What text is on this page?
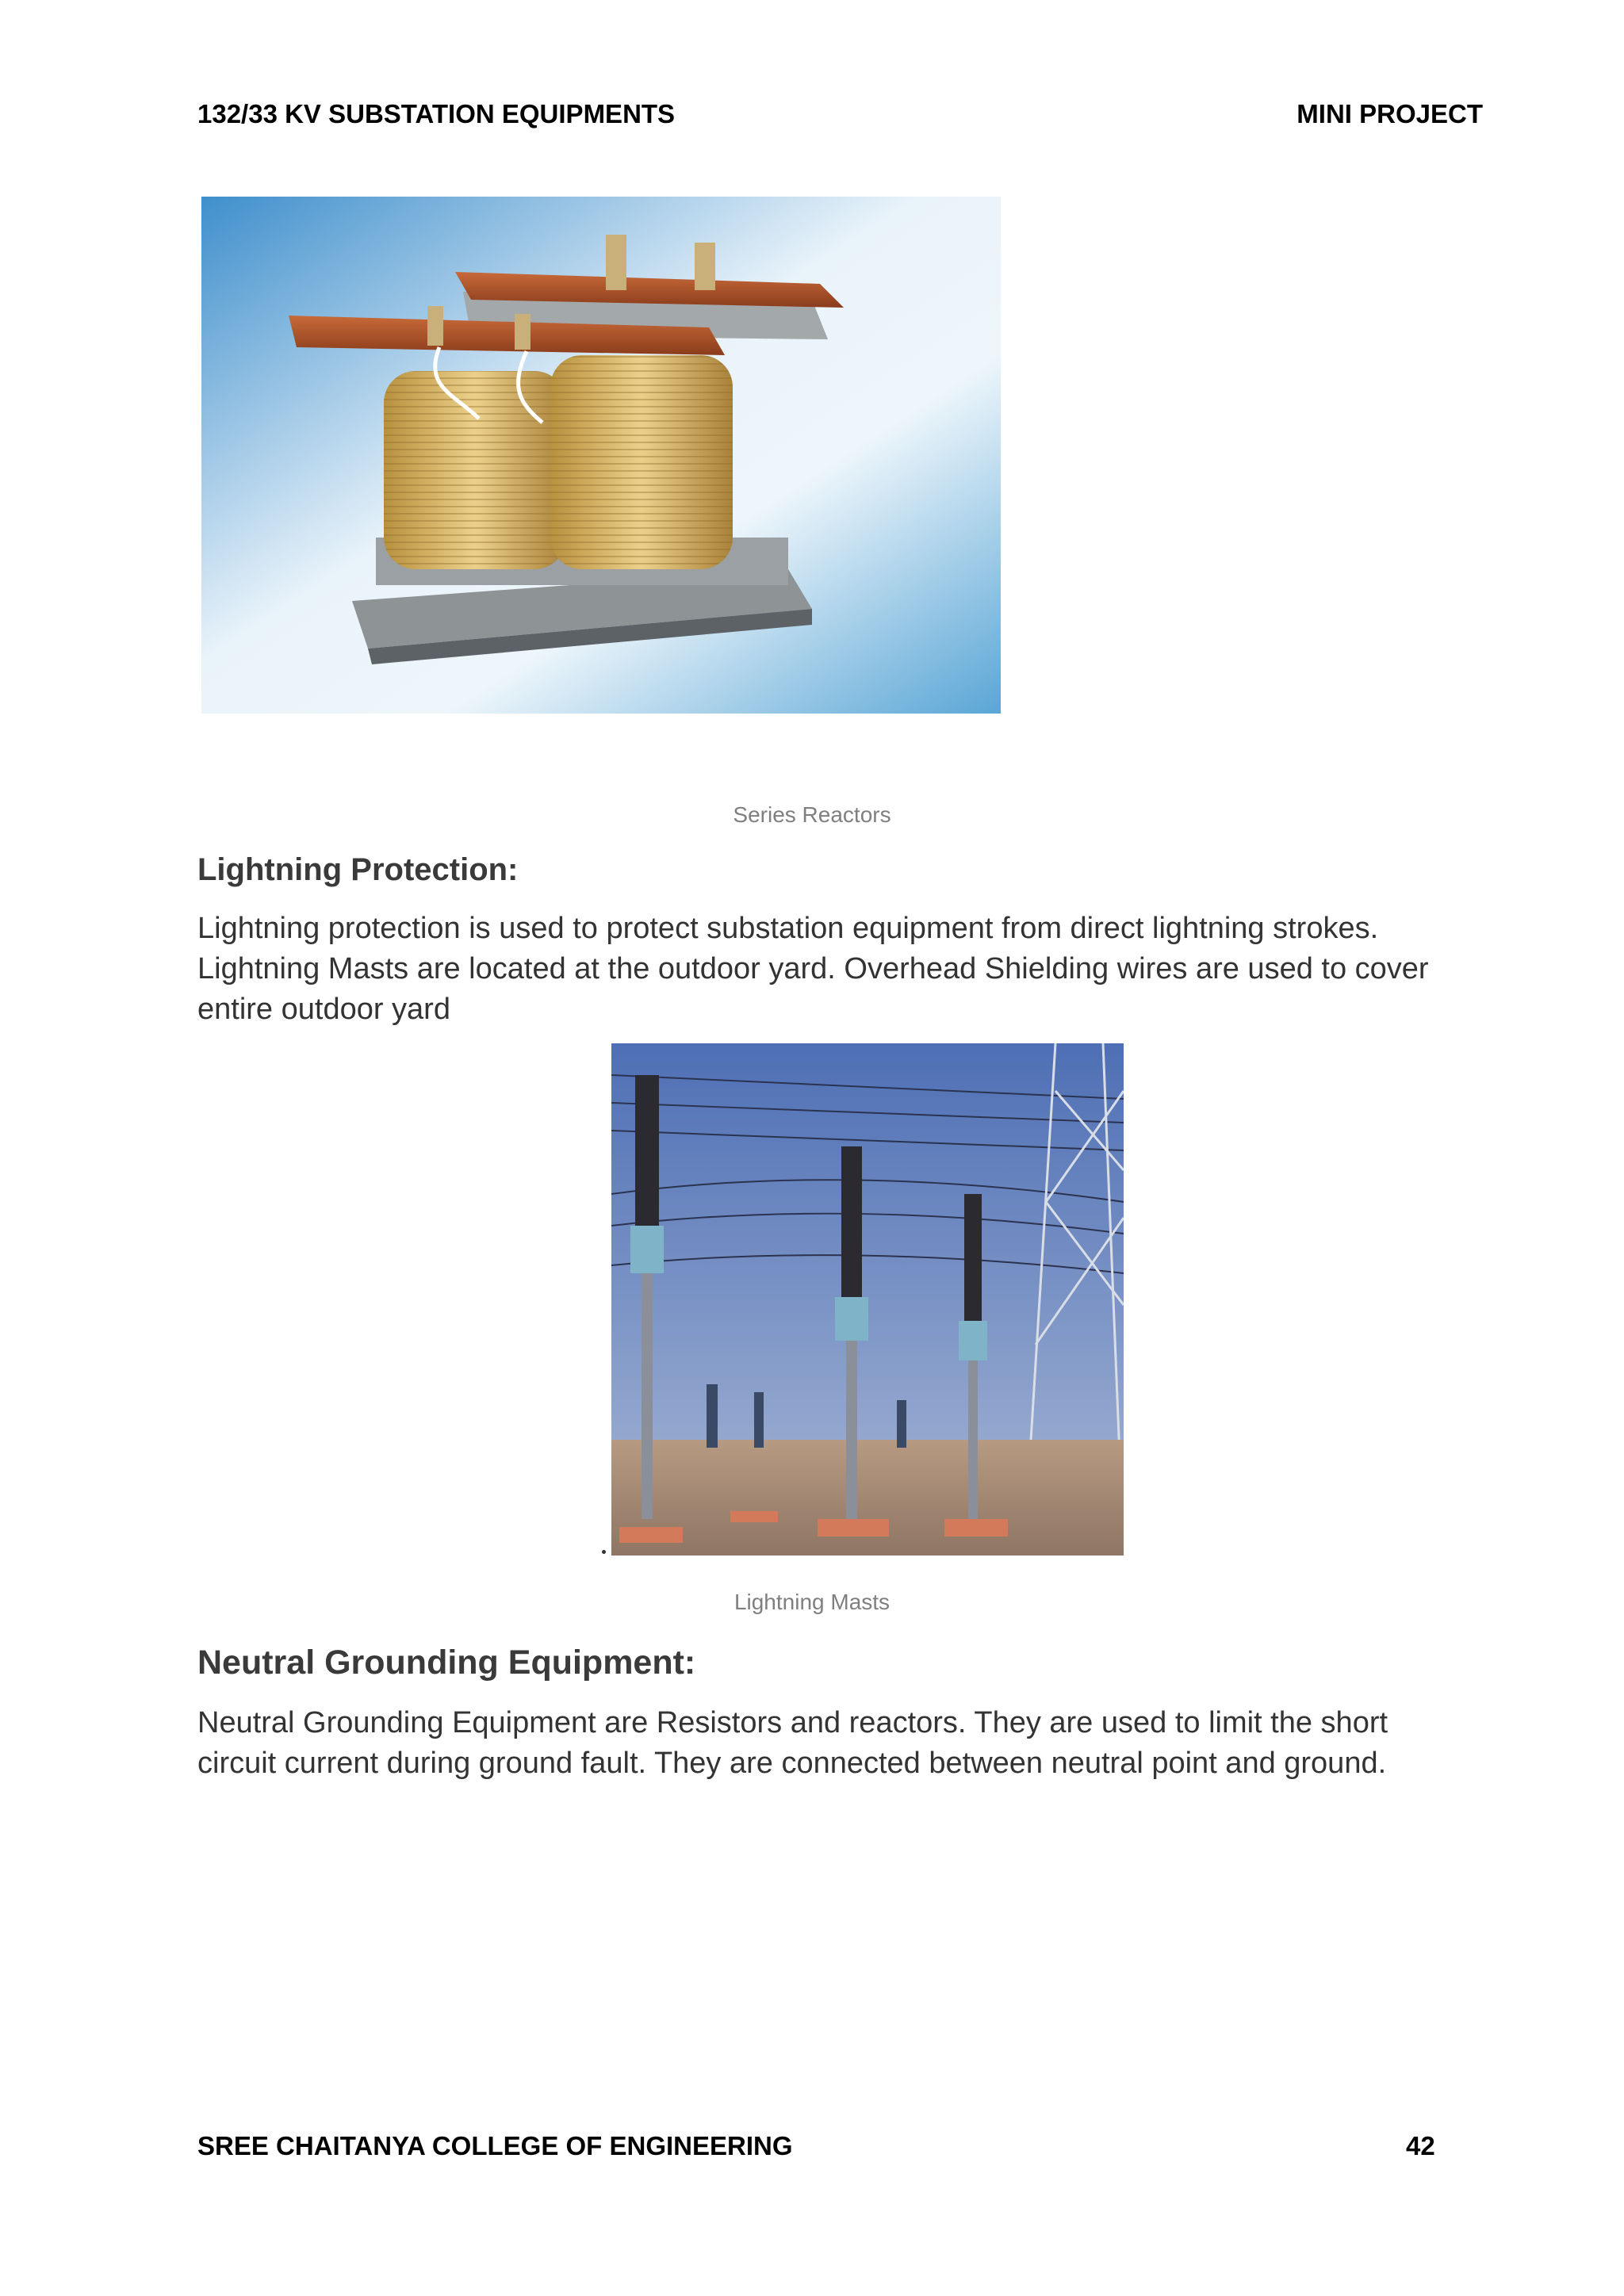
132/33 KV SUBSTATION EQUIPMENTS	MINI PROJECT
Series Reactors
Lightning Protection:
Lightning protection is used to protect substation equipment from direct lightning strokes. Lightning Masts are located at the outdoor yard. Overhead Shielding wires are used to cover entire outdoor yard
Lightning Masts
Neutral Grounding Equipment:
Neutral Grounding Equipment are Resistors and reactors. They are used to limit the short circuit current during ground fault. They are connected between neutral point and ground.
SREE CHAITANYA COLLEGE OF ENGINEERING	42
